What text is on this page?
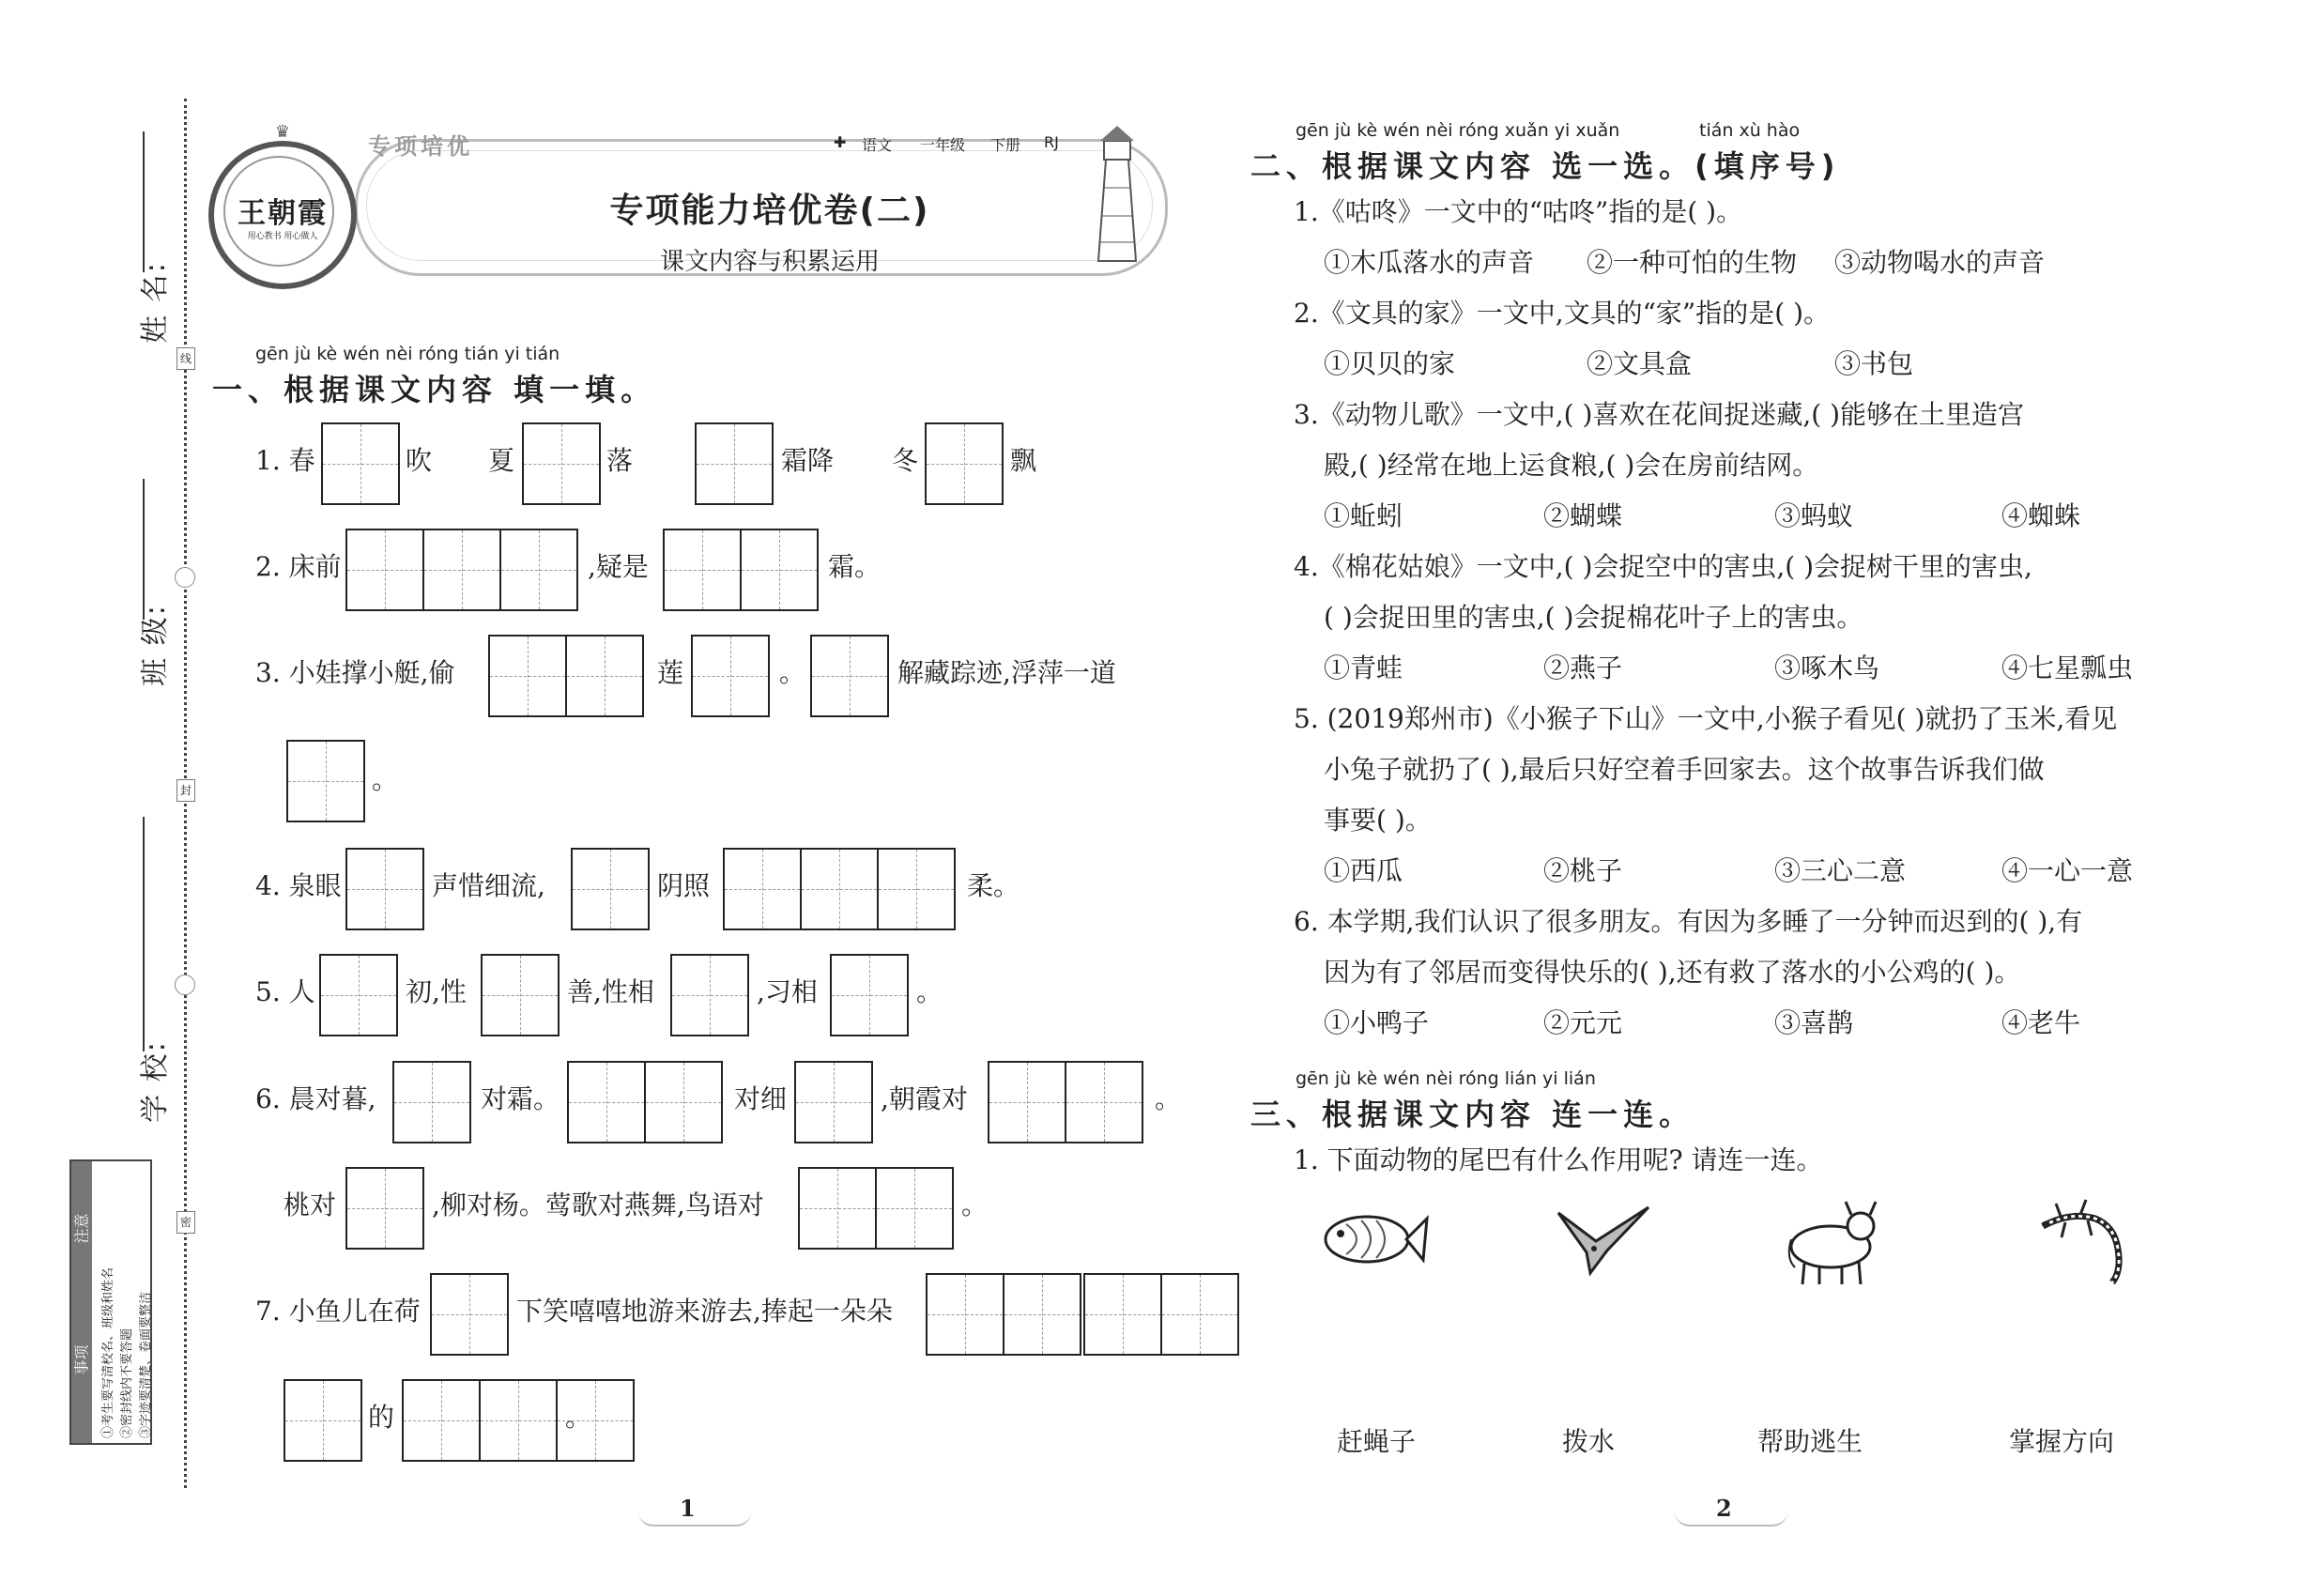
姓 名:
班 级:
学 校:
线
封
密
注意
事项 ①考生要写清校名、班级和姓名 ②密封线内不要答题 ③字迹要清楚、卷面要整洁
王朝霞
用心教书 用心做人
♛
专项培优	✚ 语文 一年级 下册 RJ
专项能力培优卷(二)
课文内容与积累运用
gēn jù kè wén nèi róng tián yi tián
一、根据课文内容 填一填。
1. 春	吹 夏	落	霜降 冬	飘
2. 床前	,疑是	霜。
3. 小娃撑小艇,偷	莲	。	解藏踪迹,浮萍一道
。
4. 泉眼	声惜细流,	阴照	柔。
5. 人	初,性	善,性相	,习相	。
6. 晨对暮,	对霜。	对细	,朝霞对	。
桃对	,柳对杨。莺歌对燕舞,鸟语对	。
7. 小鱼儿在荷	下笑嘻嘻地游来游去,捧起一朵朵
的	。
gēn jù kè wén nèi róng xuǎn yi xuǎn	tián xù hào
二、根据课文内容 选一选。(填序号)
1.《咕咚》一文中的“咕咚”指的是( )。
①木瓜落水的声音 ②一种可怕的生物 ③动物喝水的声音
2.《文具的家》一文中,文具的“家”指的是( )。
①贝贝的家	②文具盒	③书包
3.《动物儿歌》一文中,( )喜欢在花间捉迷藏,( )能够在土里造宫
殿,( )经常在地上运食粮,( )会在房前结网。
①蚯蚓	②蝴蝶	③蚂蚁	④蜘蛛
4.《棉花姑娘》一文中,( )会捉空中的害虫,( )会捉树干里的害虫,
( )会捉田里的害虫,( )会捉棉花叶子上的害虫。
①青蛙	②燕子	③啄木鸟	④七星瓢虫
5. (2019郑州市)《小猴子下山》一文中,小猴子看见( )就扔了玉米,看见
小兔子就扔了( ),最后只好空着手回家去。这个故事告诉我们做
事要( )。
①西瓜	②桃子	③三心二意	④一心一意
6. 本学期,我们认识了很多朋友。有因为多睡了一分钟而迟到的( ),有
因为有了邻居而变得快乐的( ),还有救了落水的小公鸡的( )。
①小鸭子	②元元	③喜鹊	④老牛
gēn jù kè wén nèi róng lián yi lián
三、根据课文内容 连一连。
1. 下面动物的尾巴有什么作用呢? 请连一连。
赶蝇子	拨水	帮助逃生	掌握方向
1	2
